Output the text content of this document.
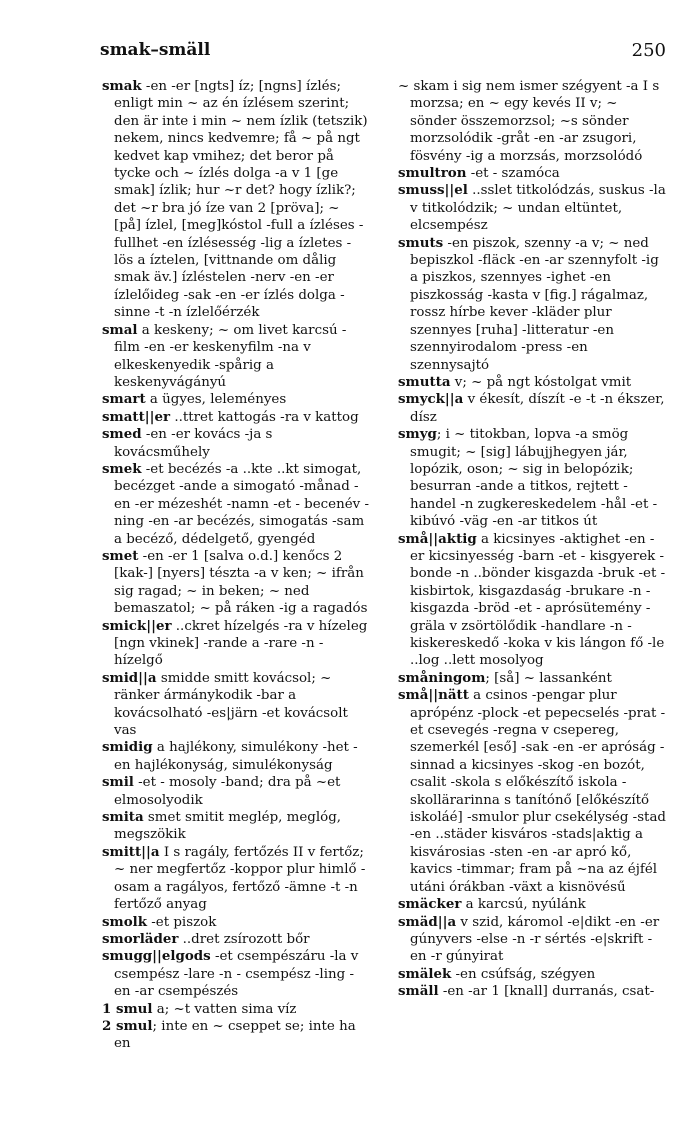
smak–smäll	250

smak -en -er [ngts] íz; [ngns] ízlés; enligt min ~ az én ízlésem szerint; den är inte i min ~ nem ízlik (tetszik) nekem, nincs kedvemre; få ~ på ngt kedvet kap vmihez; det beror på tycke och ~ ízlés dolga -a v 1 [ge smak] ízlik; hur ~r det? hogy ízlik?; det ~r bra jó íze van 2 [pröva]; ~ [på] ízlel, [meg]kóstol -full a ízléses -fullhet -en ízlésesség -lig a ízletes -lös a íztelen, [vittnande om dålig smak äv.] ízléstelen -nerv -en -er ízlelőideg -sak -en -er ízlés dolga -sinne -t -n ízlelőérzék

smal a keskeny; ~ om livet karcsú -film -en -er keskenyfilm -na v elkeskenyedik -spårig a keskenyvágányú

smart a ügyes, leleményes

smatt||er ..ttret kattogás -ra v kattog

smed -en -er kovács -ja s kovácsműhely

smek -et becézés -a ..kte ..kt simogat, becézget -ande a simogató -månad -en -er mézeshét -namn -et - becenév -ning -en -ar becézés, simogatás -sam a becéző, dédelgető, gyengéd

smet -en -er 1 [salva o.d.] kenőcs 2 [kak-] [nyers] tészta -a v ken; ~ ifrån sig ragad; ~ in beken; ~ ned bemaszatol; ~ på ráken -ig a ragadós

smick||er ..ckret hízelgés -ra v hízeleg [ngn vkinek] -rande a -rare -n - hízelgő

smid||a smidde smitt kovácsol; ~ ränker ármánykodik -bar a kovácsolható -es|järn -et kovácsolt vas

smidig a hajlékony, simulékony -het -en hajlékonyság, simulékonyság

smil -et - mosoly -band; dra på ~et elmosolyodik

smita smet smitit meglép, meglóg, megszökik

smitt||a I s ragály, fertőzés II v fertőz; ~ ner megfertőz -koppor plur himlő -osam a ragályos, fertőző -ämne -t -n fertőző anyag

smolk -et piszok

smorläder ..dret zsírozott bőr

smugg||elgods -et csempészáru -la v csempész -lare -n - csempész -ling -en -ar csempészés

1 smul a; ~t vatten sima víz

2 smul; inte en ~ cseppet se; inte ha en

~ skam i sig nem ismer szégyent -a I s morzsa; en ~ egy kevés II v; ~ sönder összemorzsol; ~s sönder morzsolódik -gråt -en -ar zsugori, fösvény -ig a morzsás, morzsolódó

smultron -et - szamóca

smuss||el ..sslet titkolódzás, suskus -la v titkolódzik; ~ undan eltüntet, elcsempész

smuts -en piszok, szenny -a v; ~ ned bepiszkol -fläck -en -ar szennyfolt -ig a piszkos, szennyes -ighet -en piszkosság -kasta v [fig.] rágalmaz, rossz hírbe kever -kläder plur szennyes [ruha] -litteratur -en szennyirodalom -press -en szennysajtó

smutta v; ~ på ngt kóstolgat vmit

smyck||a v ékesít, díszít -e -t -n ékszer, dísz

smyg; i ~ titokban, lopva -a smög smugit; ~ [sig] lábujjhegyen jár, lopózik, oson; ~ sig in belopózik; besurran -ande a titkos, rejtett -handel -n zugkereskedelem -hål -et - kibúvó -väg -en -ar titkos út

små||aktig a kicsinyes -aktighet -en -er kicsinyesség -barn -et - kisgyerek -bonde -n ..bönder kisgazda -bruk -et - kisbirtok, kisgazdaság -brukare -n - kisgazda -bröd -et - aprósütemény -gräla v zsörtölődik -handlare -n - kiskereskedő -koka v kis lángon fő -le ..log ..lett mosolyog

småningom; [så] ~ lassanként

små||nätt a csinos -pengar plur aprópénz -plock -et pepecselés -prat -et csevegés -regna v csepereg, szemerkél [eső] -sak -en -er apróság -sinnad a kicsinyes -skog -en bozót, csalit -skola s előkészítő iskola -skollärarinna s tanítónő [előkészítő iskoláé] -smulor plur csekélység -stad -en ..städer kisváros -stads|aktig a kisvárosias -sten -en -ar apró kő, kavics -timmar; fram på ~na az éjfél utáni órákban -växt a kisnövésű

smäcker a karcsú, nyúlánk

smäd||a v szid, káromol -e|dikt -en -er gúnyvers -else -n -r sértés -e|skrift -en -r gúnyirat

smälek -en csúfság, szégyen

smäll -en -ar 1 [knall] durranás, csat-
